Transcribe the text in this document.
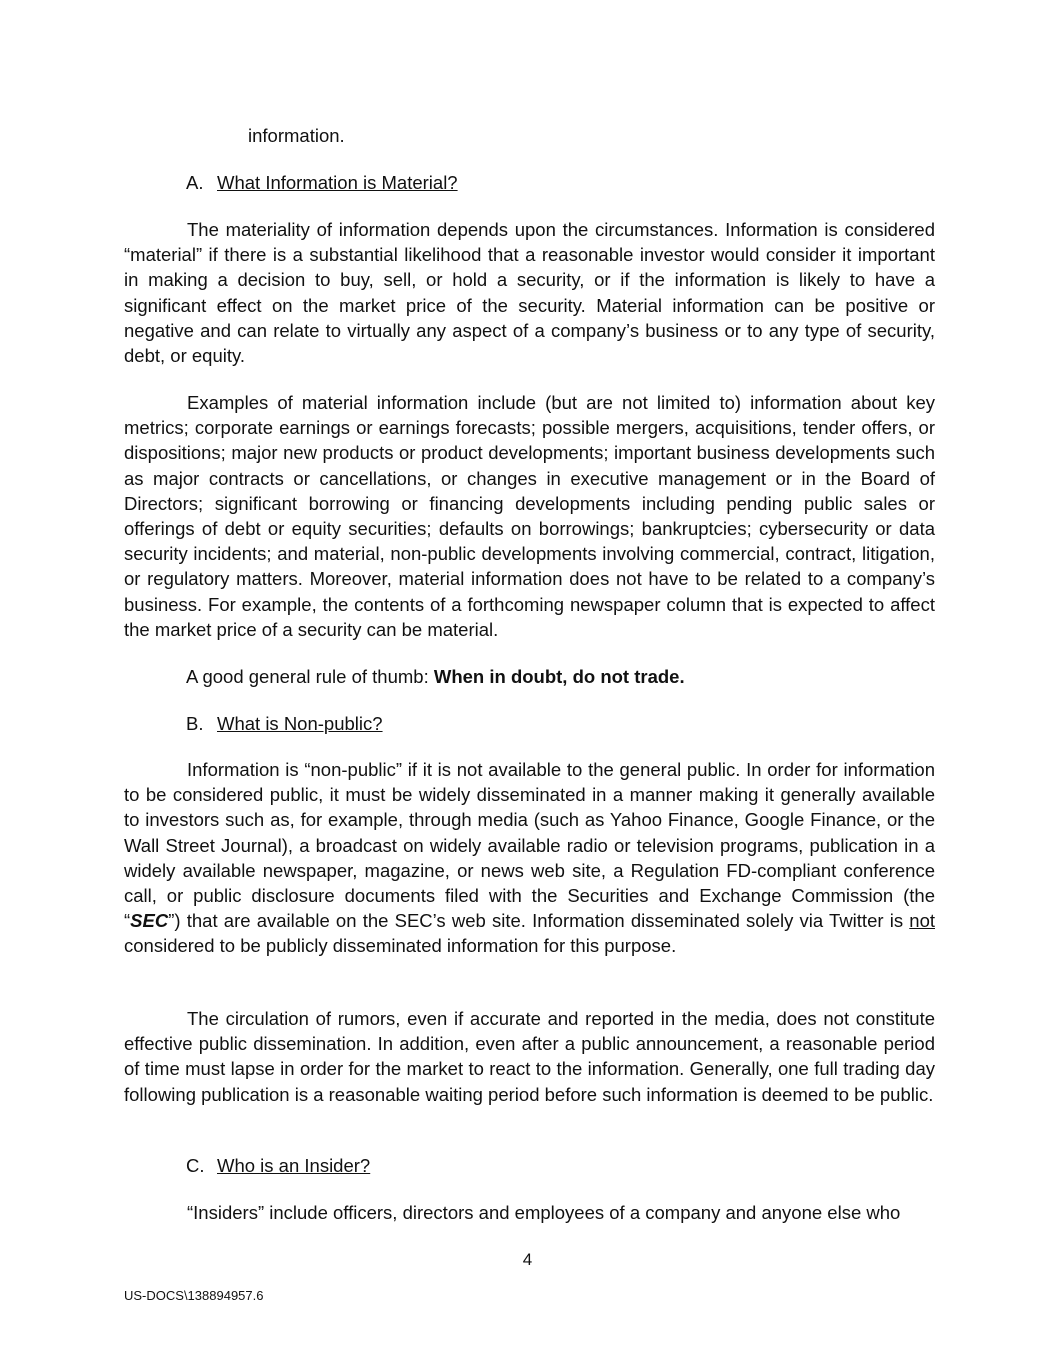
information.

A. What Information is Material?

The materiality of information depends upon the circumstances. Information is considered “material” if there is a substantial likelihood that a reasonable investor would consider it important in making a decision to buy, sell, or hold a security, or if the information is likely to have a significant effect on the market price of the security. Material information can be positive or negative and can relate to virtually any aspect of a company’s business or to any type of security, debt, or equity.

Examples of material information include (but are not limited to) information about key metrics; corporate earnings or earnings forecasts; possible mergers, acquisitions, tender offers, or dispositions; major new products or product developments; important business developments such as major contracts or cancellations, or changes in executive management or in the Board of Directors; significant borrowing or financing developments including pending public sales or offerings of debt or equity securities; defaults on borrowings; bankruptcies; cybersecurity or data security incidents; and material, non-public developments involving commercial, contract, litigation, or regulatory matters. Moreover, material information does not have to be related to a company’s business. For example, the contents of a forthcoming newspaper column that is expected to affect the market price of a security can be material.

A good general rule of thumb: When in doubt, do not trade.

B. What is Non-public?

Information is “non-public” if it is not available to the general public. In order for information to be considered public, it must be widely disseminated in a manner making it generally available to investors such as, for example, through media (such as Yahoo Finance, Google Finance, or the Wall Street Journal), a broadcast on widely available radio or television programs, publication in a widely available newspaper, magazine, or news web site, a Regulation FD-compliant conference call, or public disclosure documents filed with the Securities and Exchange Commission (the “SEC”) that are available on the SEC’s web site. Information disseminated solely via Twitter is not considered to be publicly disseminated information for this purpose.

The circulation of rumors, even if accurate and reported in the media, does not constitute effective public dissemination. In addition, even after a public announcement, a reasonable period of time must lapse in order for the market to react to the information. Generally, one full trading day following publication is a reasonable waiting period before such information is deemed to be public.

C. Who is an Insider?

“Insiders” include officers, directors and employees of a company and anyone else who

4
US-DOCS\138894957.6
